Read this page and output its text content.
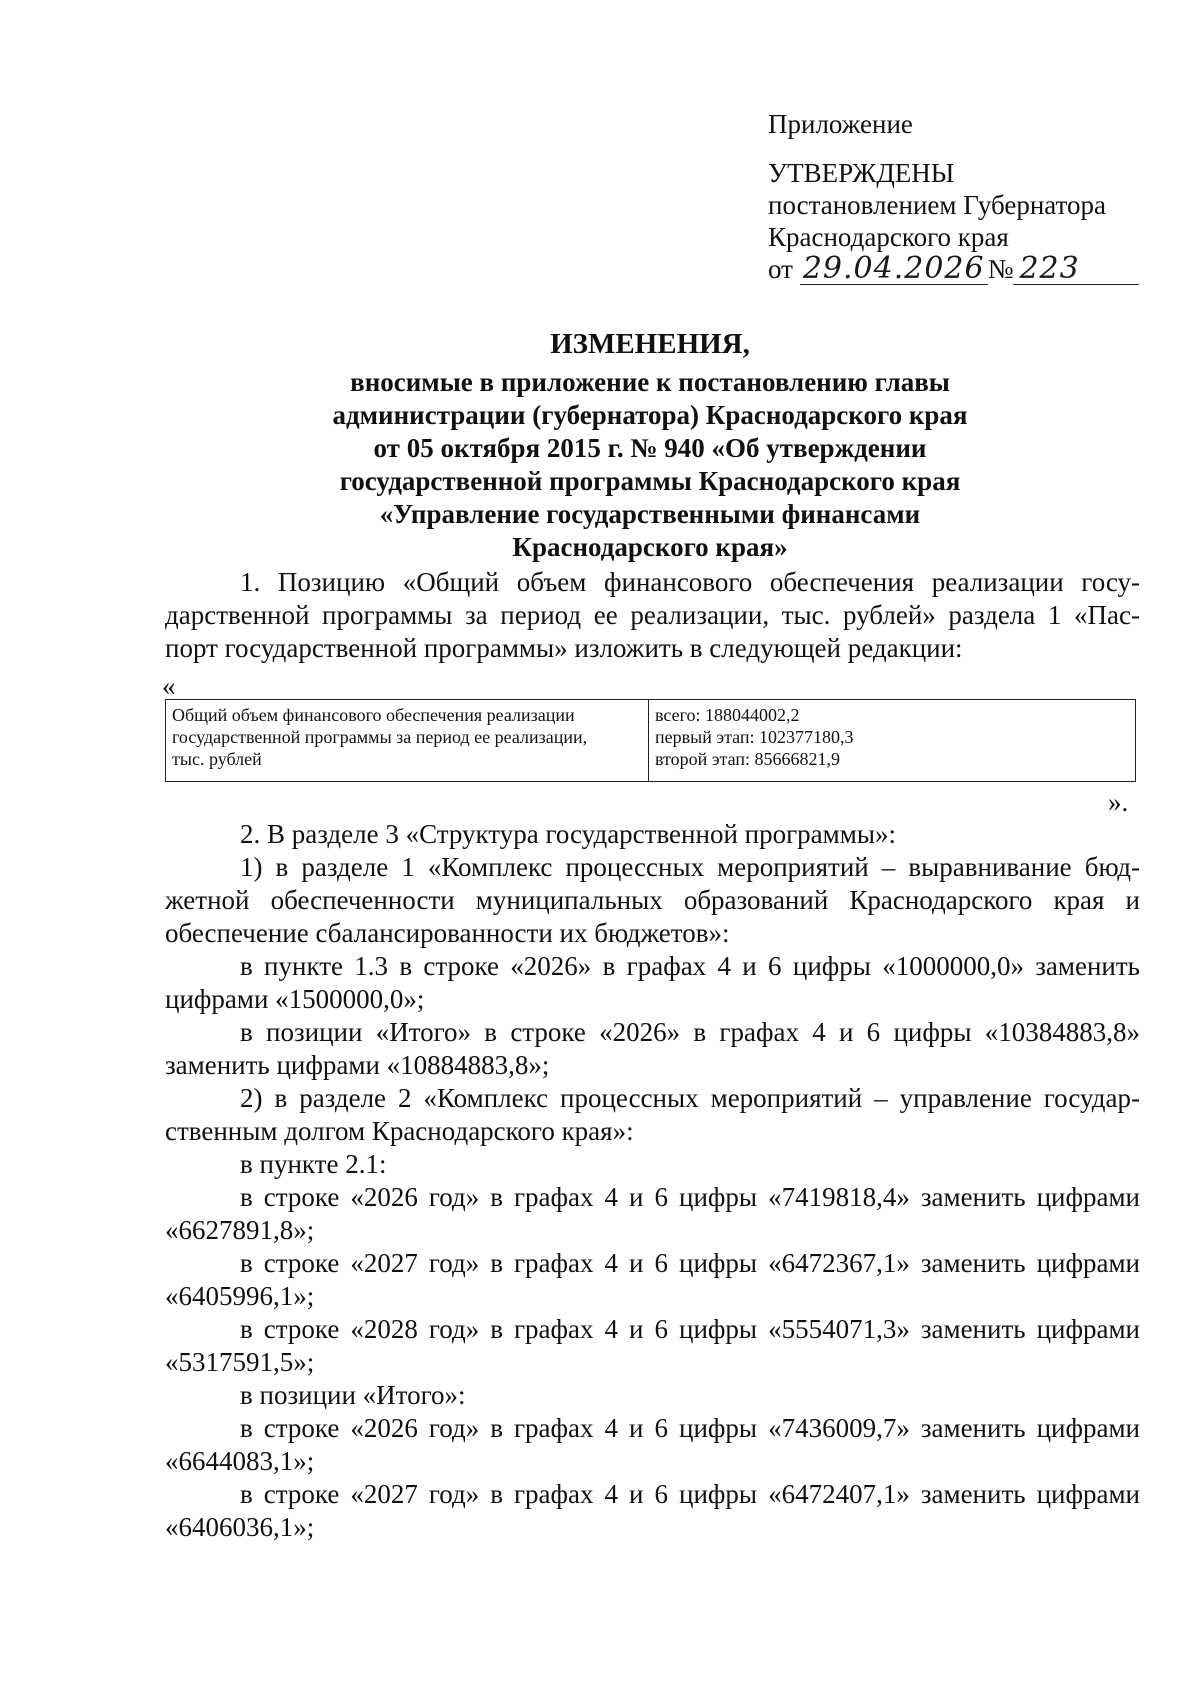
Приложение
УТВЕРЖДЕНЫ
постановлением Губернатора
Краснодарского края
от 29.04.2026 № 223
ИЗМЕНЕНИЯ,
вносимые в приложение к постановлению главы
администрации (губернатора) Краснодарского края
от 05 октября 2015 г. № 940 «Об утверждении
государственной программы Краснодарского края
«Управление государственными финансами
Краснодарского края»
1. Позицию «Общий объем финансового обеспечения реализации госу-
дарственной программы за период ее реализации, тыс. рублей» раздела 1 «Пас-
порт государственной программы» изложить в следующей редакции:
«
Общий объем финансового обеспечения реализации
государственной программы за период ее реализации,
тыс. рублей

всего: 188044002,2
первый этап: 102377180,3
второй этап: 85666821,9
».
2. В разделе 3 «Структура государственной программы»:
1) в разделе 1 «Комплекс процессных мероприятий – выравнивание бюд-
жетной обеспеченности муниципальных образований Краснодарского края и
обеспечение сбалансированности их бюджетов»:
в пункте 1.3 в строке «2026» в графах 4 и 6 цифры «1000000,0» заменить
цифрами «1500000,0»;
в позиции «Итого» в строке «2026» в графах 4 и 6 цифры «10384883,8»
заменить цифрами «10884883,8»;
2) в разделе 2 «Комплекс процессных мероприятий – управление государ-
ственным долгом Краснодарского края»:
в пункте 2.1:
в строке «2026 год» в графах 4 и 6 цифры «7419818,4» заменить цифрами
«6627891,8»;
в строке «2027 год» в графах 4 и 6 цифры «6472367,1» заменить цифрами
«6405996,1»;
в строке «2028 год» в графах 4 и 6 цифры «5554071,3» заменить цифрами
«5317591,5»;
в позиции «Итого»:
в строке «2026 год» в графах 4 и 6 цифры «7436009,7» заменить цифрами
«6644083,1»;
в строке «2027 год» в графах 4 и 6 цифры «6472407,1» заменить цифрами
«6406036,1»;
